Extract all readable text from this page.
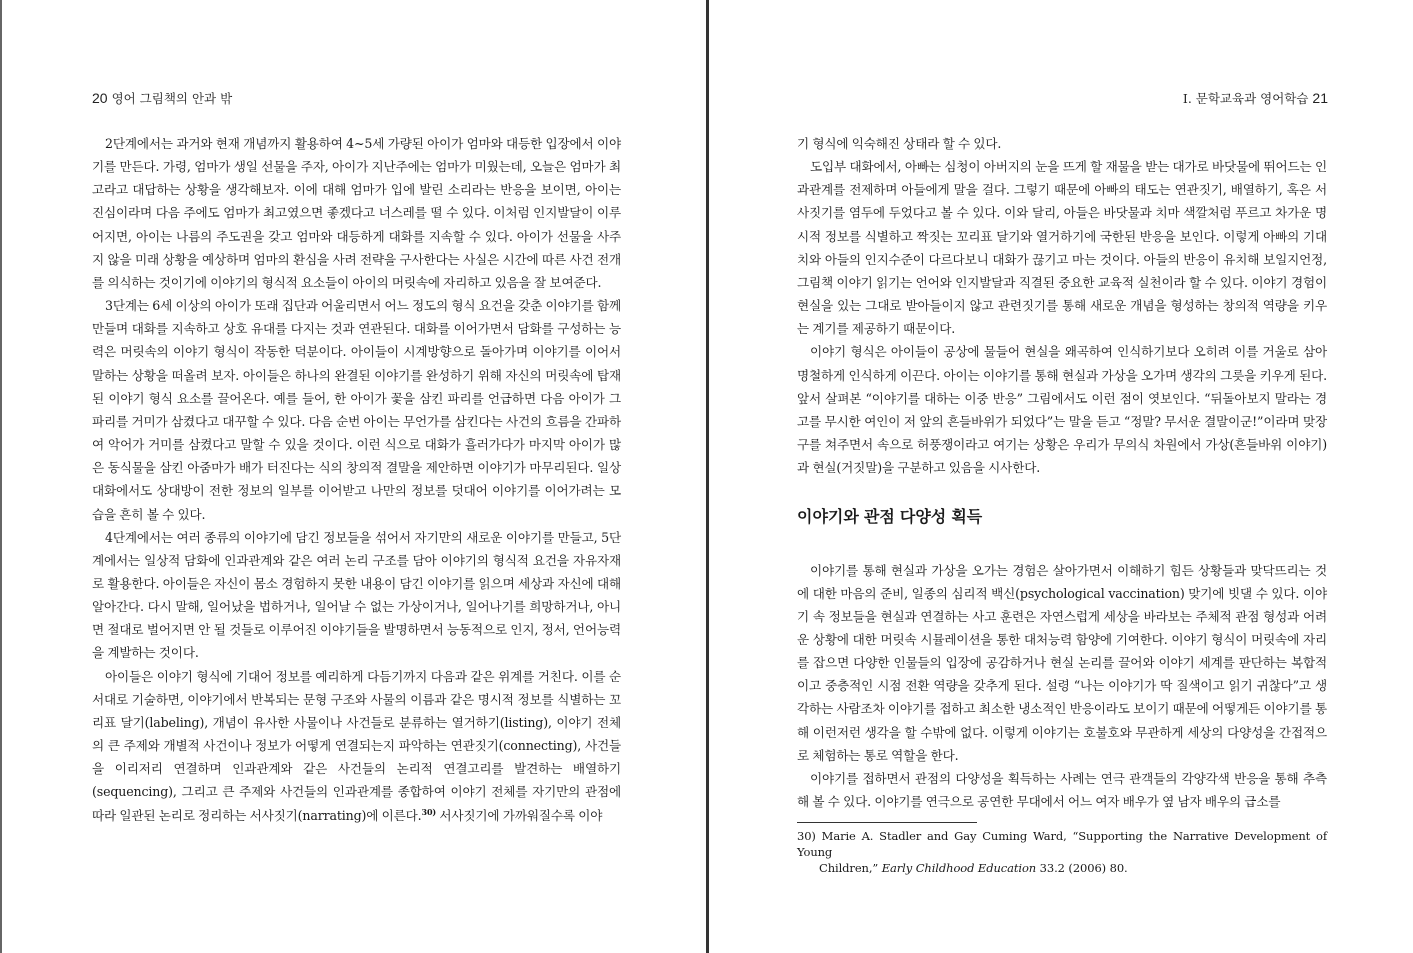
20 영어 그림책의 안과 밖

2단계에서는 과거와 현재 개념까지 활용하여 4~5세 가량된 아이가 엄마와 대등한 입장에서 이야기를 만든다. 가령, 엄마가 생일 선물을 주자, 아이가 지난주에는 엄마가 미웠는데, 오늘은 엄마가 최고라고 대답하는 상황을 생각해보자. 이에 대해 엄마가 입에 발린 소리라는 반응을 보이면, 아이는 진심이라며 다음 주에도 엄마가 최고였으면 좋겠다고 너스레를 떨 수 있다. 이처럼 인지발달이 이루어지면, 아이는 나름의 주도권을 갖고 엄마와 대등하게 대화를 지속할 수 있다. 아이가 선물을 사주지 않을 미래 상황을 예상하며 엄마의 환심을 사려 전략을 구사한다는 사실은 시간에 따른 사건 전개를 의식하는 것이기에 이야기의 형식적 요소들이 아이의 머릿속에 자리하고 있음을 잘 보여준다.

3단계는 6세 이상의 아이가 또래 집단과 어울리면서 어느 정도의 형식 요건을 갖춘 이야기를 함께 만들며 대화를 지속하고 상호 유대를 다지는 것과 연관된다. 대화를 이어가면서 담화를 구성하는 능력은 머릿속의 이야기 형식이 작동한 덕분이다. 아이들이 시계방향으로 돌아가며 이야기를 이어서 말하는 상황을 떠올려 보자. 아이들은 하나의 완결된 이야기를 완성하기 위해 자신의 머릿속에 탑재된 이야기 형식 요소를 끌어온다. 예를 들어, 한 아이가 꽃을 삼킨 파리를 언급하면 다음 아이가 그 파리를 거미가 삼켰다고 대꾸할 수 있다. 다음 순번 아이는 무언가를 삼킨다는 사건의 흐름을 간파하여 악어가 거미를 삼켰다고 말할 수 있을 것이다. 이런 식으로 대화가 흘러가다가 마지막 아이가 많은 동식물을 삼킨 아줌마가 배가 터진다는 식의 창의적 결말을 제안하면 이야기가 마무리된다. 일상대화에서도 상대방이 전한 정보의 일부를 이어받고 나만의 정보를 덧대어 이야기를 이어가려는 모습을 흔히 볼 수 있다.

4단계에서는 여러 종류의 이야기에 담긴 정보들을 섞어서 자기만의 새로운 이야기를 만들고, 5단계에서는 일상적 담화에 인과관계와 같은 여러 논리 구조를 담아 이야기의 형식적 요건을 자유자재로 활용한다. 아이들은 자신이 몸소 경험하지 못한 내용이 담긴 이야기를 읽으며 세상과 자신에 대해 알아간다. 다시 말해, 일어났을 법하거나, 일어날 수 없는 가상이거나, 일어나기를 희망하거나, 아니면 절대로 벌어지면 안 될 것들로 이루어진 이야기들을 발명하면서 능동적으로 인지, 정서, 언어능력을 계발하는 것이다.

아이들은 이야기 형식에 기대어 정보를 예리하게 다듬기까지 다음과 같은 위계를 거친다. 이를 순서대로 기술하면, 이야기에서 반복되는 문형 구조와 사물의 이름과 같은 명시적 정보를 식별하는 꼬리표 달기(labeling), 개념이 유사한 사물이나 사건들로 분류하는 열거하기(listing), 이야기 전체의 큰 주제와 개별적 사건이나 정보가 어떻게 연결되는지 파악하는 연관짓기(connecting), 사건들을 이리저리 연결하며 인과관계와 같은 사건들의 논리적 연결고리를 발견하는 배열하기(sequencing), 그리고 큰 주제와 사건들의 인과관계를 종합하여 이야기 전체를 자기만의 관점에 따라 일관된 논리로 정리하는 서사짓기(narrating)에 이른다.$^{30)}$ 서사짓기에 가까워질수록 이야

I. 문학교육과 영어학습 21

기 형식에 익숙해진 상태라 할 수 있다.

도입부 대화에서, 아빠는 심청이 아버지의 눈을 뜨게 할 재물을 받는 대가로 바닷물에 뛰어드는 인과관계를 전제하며 아들에게 말을 걸다. 그렇기 때문에 아빠의 태도는 연관짓기, 배열하기, 혹은 서사짓기를 염두에 두었다고 볼 수 있다. 이와 달리, 아들은 바닷물과 치마 색깔처럼 푸르고 차가운 명시적 정보를 식별하고 짝짓는 꼬리표 달기와 열거하기에 국한된 반응을 보인다. 이렇게 아빠의 기대치와 아들의 인지수준이 다르다보니 대화가 끊기고 마는 것이다. 아들의 반응이 유치해 보일지언정, 그림책 이야기 읽기는 언어와 인지발달과 직결된 중요한 교육적 실천이라 할 수 있다. 이야기 경험이 현실을 있는 그대로 받아들이지 않고 관련짓기를 통해 새로운 개념을 형성하는 창의적 역량을 키우는 계기를 제공하기 때문이다.

이야기 형식은 아이들이 공상에 물들어 현실을 왜곡하여 인식하기보다 오히려 이를 거울로 삼아 명철하게 인식하게 이끈다. 아이는 이야기를 통해 현실과 가상을 오가며 생각의 그릇을 키우게 된다. 앞서 살펴본 “이야기를 대하는 이중 반응” 그림에서도 이런 점이 엿보인다. “뒤돌아보지 말라는 경고를 무시한 여인이 저 앞의 흔들바위가 되었다”는 말을 듣고 “정말? 무서운 결말이군!”이라며 맞장구를 쳐주면서 속으로 허풍쟁이라고 여기는 상황은 우리가 무의식 차원에서 가상(흔들바위 이야기)과 현실(거짓말)을 구분하고 있음을 시사한다.

이야기와 관점 다양성 획득

이야기를 통해 현실과 가상을 오가는 경험은 살아가면서 이해하기 힘든 상황들과 맞닥뜨리는 것에 대한 마음의 준비, 일종의 심리적 백신(psychological vaccination) 맞기에 빗댈 수 있다. 이야기 속 정보들을 현실과 연결하는 사고 훈련은 자연스럽게 세상을 바라보는 주체적 관점 형성과 어려운 상황에 대한 머릿속 시뮬레이션을 통한 대처능력 함양에 기여한다. 이야기 형식이 머릿속에 자리를 잡으면 다양한 인물들의 입장에 공감하거나 현실 논리를 끌어와 이야기 세계를 판단하는 복합적이고 중층적인 시점 전환 역량을 갖추게 된다. 설령 “나는 이야기가 딱 질색이고 읽기 귀찮다”고 생각하는 사람조차 이야기를 접하고 최소한 냉소적인 반응이라도 보이기 때문에 어떻게든 이야기를 통해 이런저런 생각을 할 수밖에 없다. 이렇게 이야기는 호불호와 무관하게 세상의 다양성을 간접적으로 체험하는 통로 역할을 한다.

이야기를 접하면서 관점의 다양성을 획득하는 사례는 연극 관객들의 각양각색 반응을 통해 추측해 볼 수 있다. 이야기를 연극으로 공연한 무대에서 어느 여자 배우가 옆 남자 배우의 급소를

30) Marie A. Stadler and Gay Cuming Ward, “Supporting the Narrative Development of Young
Children,” Early Childhood Education 33.2 (2006) 80.
